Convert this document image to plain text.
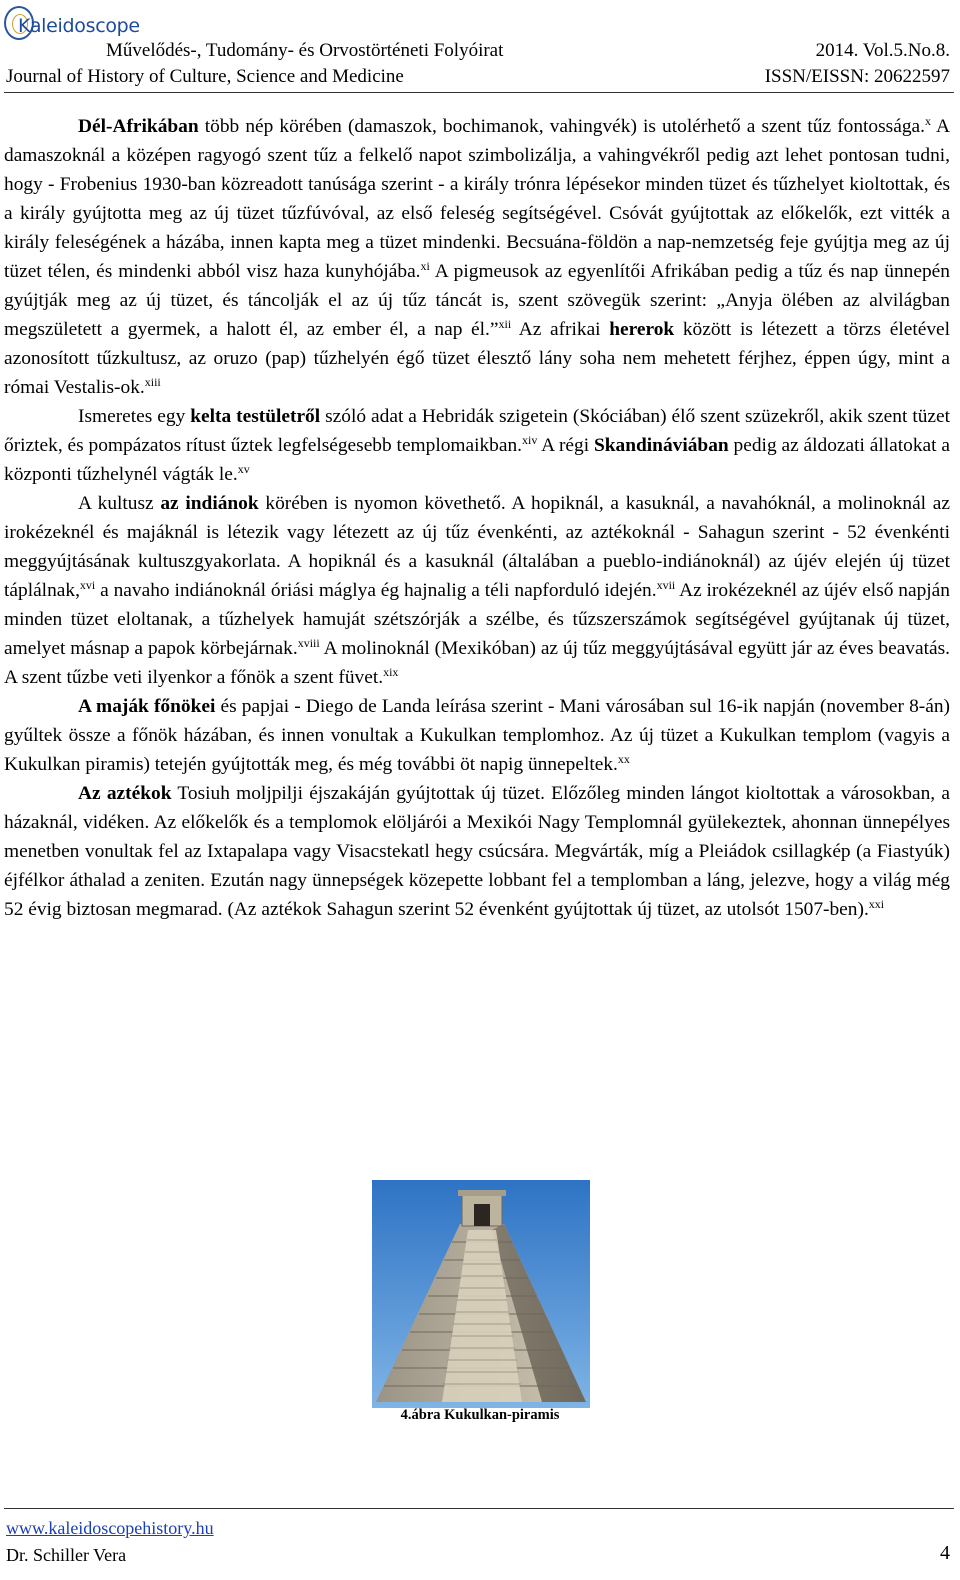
Kaleidoscope
Művelődés-, Tudomány- és Orvostörténeti Folyóirat
Journal of History of Culture, Science and Medicine
2014. Vol.5.No.8.
ISSN/EISSN: 20622597

Dél-Afrikában több nép körében (damaszok, bochimanok, vahingvék) is utolérhető a szent tűz fontossága.$^x$ A damaszoknál a középen ragyogó szent tűz a felkelő napot szimbolizálja, a vahingvékről pedig azt lehet pontosan tudni, hogy - Frobenius 1930-ban közreadott tanúsága szerint - a király trónra lépésekor minden tüzet és tűzhelyet kioltottak, és a király gyújtotta meg az új tüzet tűzfúvóval, az első feleség segítségével. Csóvát gyújtottak az előkelők, ezt vitték a király feleségének a házába, innen kapta meg a tüzet mindenki. Becsuána-földön a nap-nemzetség feje gyújtja meg az új tüzet télen, és mindenki abból visz haza kunyhójába.$^{xi}$ A pigmeusok az egyenlítői Afrikában pedig a tűz és nap ünnepén gyújtják meg az új tüzet, és táncolják el az új tűz táncát is, szent szövegük szerint: „Anyja ölében az alvilágban megszületett a gyermek, a halott él, az ember él, a nap él.”$^{xii}$ Az afrikai hererok között is létezett a törzs életével azonosított tűzkultusz, az oruzo (pap) tűzhelyén égő tüzet élesztő lány soha nem mehetett férjhez, éppen úgy, mint a római Vestalis-ok.$^{xiii}$

Ismeretes egy kelta testületről szóló adat a Hebridák szigetein (Skóciában) élő szent szüzekről, akik szent tüzet őriztek, és pompázatos rítust űztek legfelségesebb templomaikban.$^{xiv}$ A régi Skandináviában pedig az áldozati állatokat a központi tűzhelynél vágták le.$^{xv}$

A kultusz az indiánok körében is nyomon követhető. A hopiknál, a kasuknál, a navahóknál, a molinoknál az irokézeknél és majáknál is létezik vagy létezett az új tűz évenkénti, az aztékoknál - Sahagun szerint - 52 évenkénti meggyújtásának kultuszgyakorlata. A hopiknál és a kasuknál (általában a pueblo-indiánoknál) az újév elején új tüzet táplálnak,$^{xvi}$ a navaho indiánoknál óriási máglya ég hajnalig a téli napforduló idején.$^{xvii}$ Az irokézeknél az újév első napján minden tüzet eloltanak, a tűzhelyek hamuját szétszórják a szélbe, és tűzszerszámok segítségével gyújtanak új tüzet, amelyet másnap a papok körbejárnak.$^{xviii}$ A molinoknál (Mexikóban) az új tűz meggyújtásával együtt jár az éves beavatás. A szent tűzbe veti ilyenkor a főnök a szent füvet.$^{xix}$

A maják főnökei és papjai - Diego de Landa leírása szerint - Mani városában sul 16-ik napján (november 8-án) gyűltek össze a főnök házában, és innen vonultak a Kukulkan templomhoz. Az új tüzet a Kukulkan templom (vagyis a Kukulkan piramis) tetején gyújtották meg, és még további öt napig ünnepeltek.$^{xx}$

Az aztékok Tosiuh moljpilji éjszakáján gyújtottak új tüzet. Előzőleg minden lángot kioltottak a városokban, a házaknál, vidéken. Az előkelők és a templomok elöljárói a Mexikói Nagy Templomnál gyülekeztek, ahonnan ünnepélyes menetben vonultak fel az Ixtapalapa vagy Visacstekatl hegy csúcsára. Megvárták, míg a Pleiádok csillagkép (a Fiastyúk) éjfélkor áthalad a zeniten. Ezután nagy ünnepségek közepette lobbant fel a templomban a láng, jelezve, hogy a világ még 52 évig biztosan megmarad. (Az aztékok Sahagun szerint 52 évenként gyújtottak új tüzet, az utolsót 1507-ben).$^{xxi}$

4.ábra Kukulkan-piramis
www.kaleidoscopehistory.hu
Dr. Schiller Vera	4
